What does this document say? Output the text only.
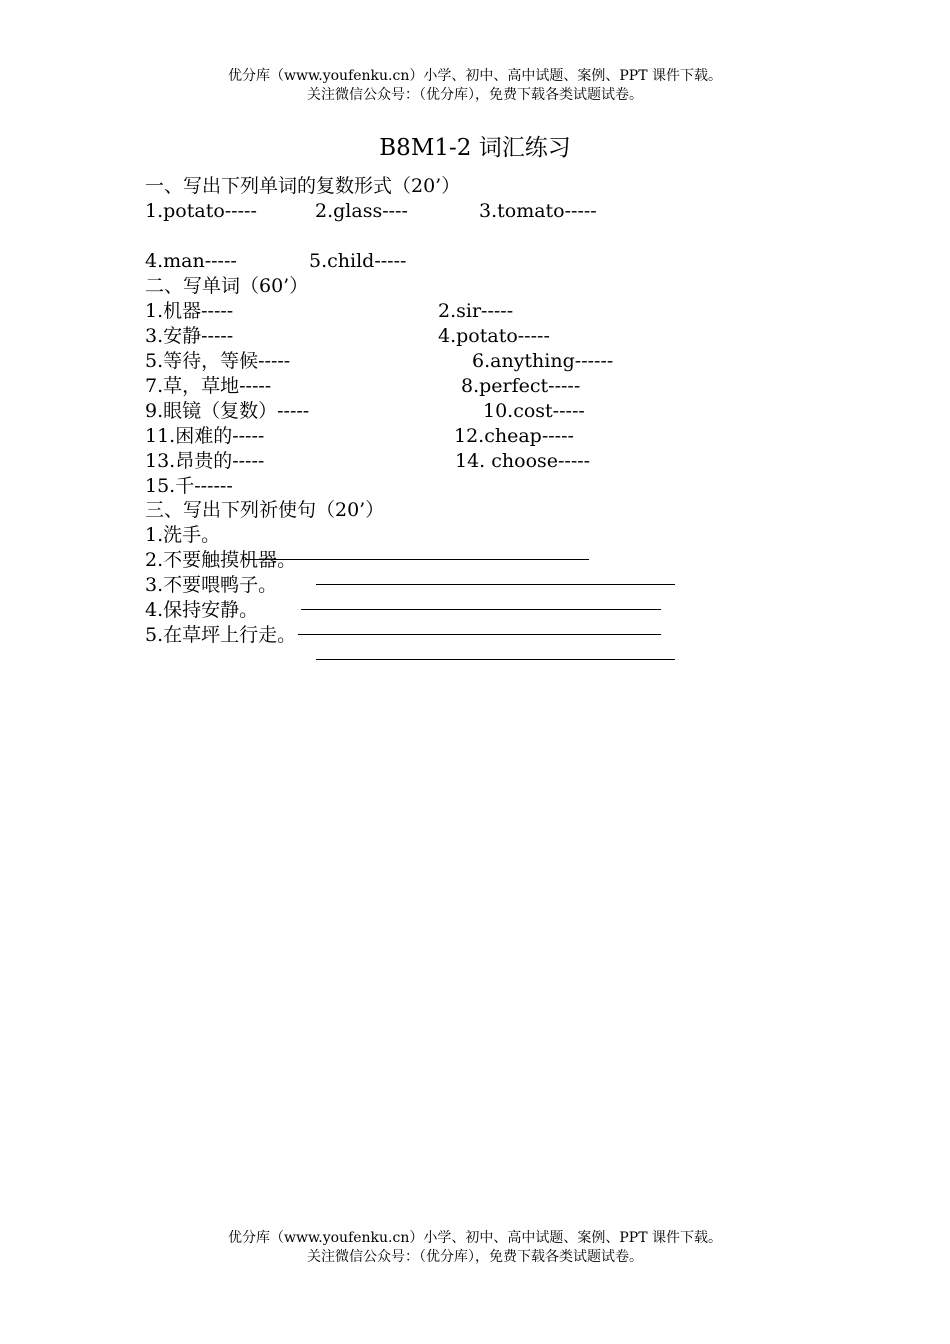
优分库（www.youfenku.cn）小学、初中、高中试题、案例、PPT 课件下载。
关注微信公众号：（优分库），免费下载各类试题试卷。
B8M1-2 词汇练习
一、写出下列单词的复数形式（20’）
1.potato-----	2.glass----	3.tomato-----
4.man-----	5.child-----
二、写单词（60’）
1.机器-----	2.sir-----
3.安静-----	4.potato-----
5.等待，等候-----	6.anything------
7.草，草地-----	8.perfect-----
9.眼镜（复数）-----	10.cost-----
11.困难的-----	12.cheap-----
13.昂贵的-----	14. choose-----
15.千------
三、写出下列祈使句（20’）
1.洗手。
2.不要触摸机器。
3.不要喂鸭子。
4.保持安静。
5.在草坪上行走。
优分库（www.youfenku.cn）小学、初中、高中试题、案例、PPT 课件下载。
关注微信公众号：（优分库），免费下载各类试题试卷。
